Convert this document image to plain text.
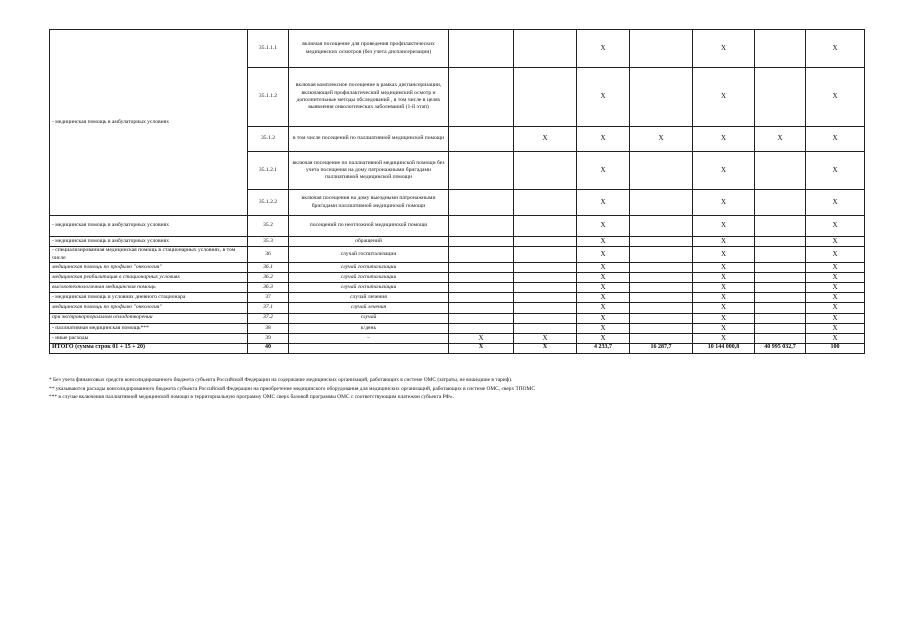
- медицинская помощь в амбулаторных условиях	35.1.1.1	включая посещение для проведения профилактических медицинских осмотров (без учета диспансеризации)			X		X		X
	35.1.1.2	включая комплексное посещение в рамках диспансеризации, включающей профилактический медицинский осмотр и дополнительные методы обследований , в том числе в целях выявления онкологических заболеваний (1-й этап)			X		X		X
	35.1.2	в том числе посещений по паллиативной медицинской помощи		X	X	X	X	X	X
	35.1.2.1	включая посещение по паллиативной медицинской помощи без учета посещения на дому патронажными бригадами паллиативной медицинской помощи			X		X		X
	35.1.2.2	включая посещения на дому выездными патронажными бригадами паллиативной медицинской помощи			X		X		X
- медицинская помощь в амбулаторных условиях	35.2	посещений по неотложной медицинской помощи			X		X		X
- медицинская помощь в амбулаторных условиях	35.3	обращений			X		X		X
- специализированная медицинская помощь в стационарных условиях, в том числе	36	случай госпитализации			X		X		X
медицинская помощь по профилю "онкология"	36.1	случай госпитализации			X		X		X
медицинская реабилитация в стационарных условиях	36.2	случай госпитализации			X		X		X
высокотехнологичная медицинская помощь	36.3	случай госпитализации			X		X		X
- медицинская помощь в условиях дневного стационара	37	случай лечения			X		X		X
медицинская помощь по профилю "онкология"	37.1	случай лечения			X		X		X
при экстракорпоральном оплодотворении	37.2	случай			X		X		X
- паллиативная медицинская помощь***	38	к/день			X		X		X
- иные расходы	39	–	X	X	X		X		X
ИТОГО (сумма строк 01 + 15 + 20)	40		X	X	4 233,7	16 287,7	10 144 000,8	40 995 032,7	100
* Без учета финансовых средств консолидированного бюджета субъекта Российской Федерации на содержание медицинских организаций, работающих в системе ОМС (затраты, не вошедшие в тариф).
** указываются расходы консолидированного бюджета субъекта Российской Федерации на приобретение медицинского оборудования для медицинских организаций, работающих в системе ОМС, сверх ТПОМС
*** в случае включения паллиативной медицинской помощи в территориальную программу ОМС сверх базовой программы ОМС с соответствующим платежом субъекта РФ».
